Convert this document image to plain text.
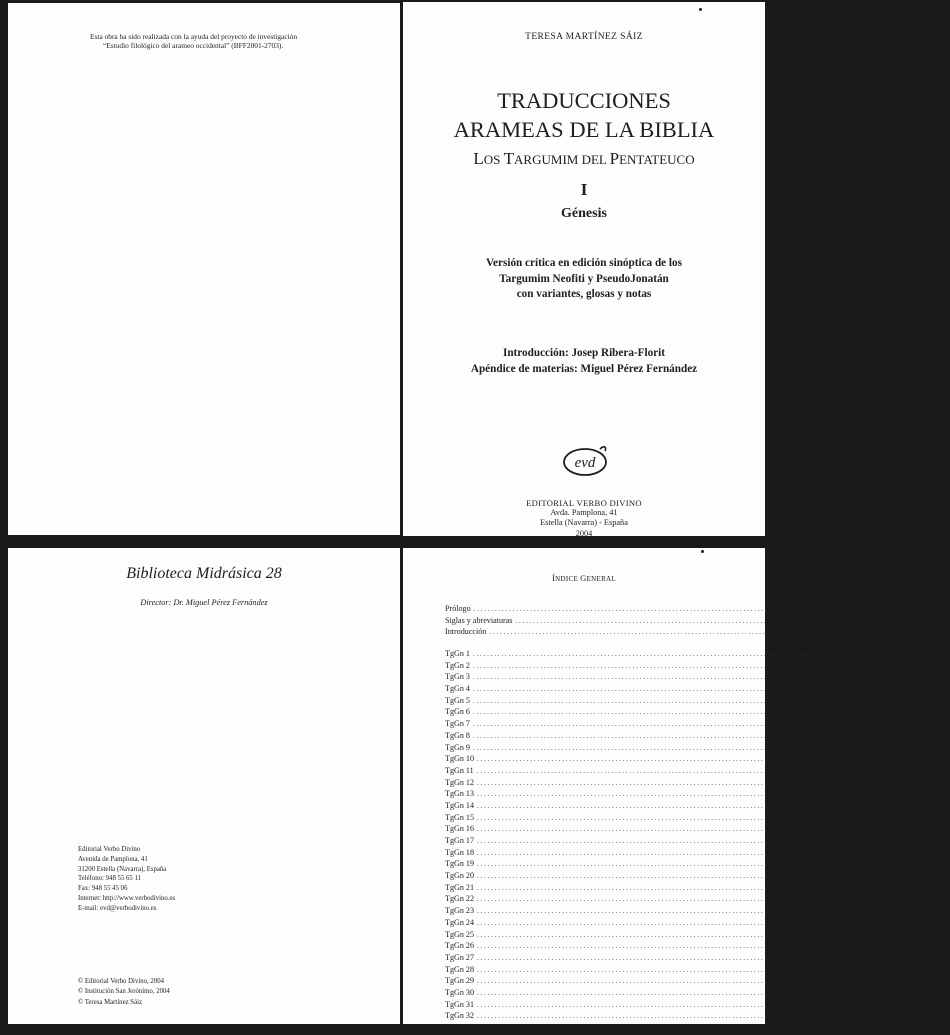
Esta obra ha sido realizada con la ayuda del proyecto de investigación
“Estudio filológico del arameo occidental” (BFF2001-2703).
TERESA MARTÍNEZ SÁIZ
TRADUCCIONES
ARAMEAS DE LA BIBLIA
LOS TARGUMIM DEL PENTATEUCO
I
Génesis
Versión crítica en edición sinóptica de los
Targumim Neofiti y PseudoJonatán
con variantes, glosas y notas
Introducción: Josep Ribera-Florit
Apéndice de materias: Miguel Pérez Fernández
evd
EDITORIAL VERBO DIVINO
Avda. Pamplona, 41
Estella (Navarra) - España
2004
Biblioteca Midrásica 28
Director: Dr. Miguel Pérez Fernández
Editorial Verbo Divino
Avenida de Pamplona, 41
31200 Estella (Navarra), España
Teléfono: 948 55 65 11
Fax: 948 55 45 06
Internet: http://www.verbodivino.es
E-mail: evd@verbodivino.es
© Editorial Verbo Divino, 2004
© Institución San Jerónimo, 2004
© Teresa Martínez Sáiz
ÍNDICE GENERAL
Prólogo ........................................................................................................................ ix
Siglas y abreviaturas ........................................................................................................................ xi
Introducción ........................................................................................................................ 1
TgGn 1 ........................................................................................................................ 43
TgGn 2 ........................................................................................................................ 49
TgGn 3 ........................................................................................................................ 54
TgGn 4 ........................................................................................................................ 62
TgGn 5 ........................................................................................................................ 69
TgGn 6 ........................................................................................................................ 73
TgGn 7 ........................................................................................................................ 78
TgGn 8 ........................................................................................................................ 82
TgGn 9 ........................................................................................................................ 85
TgGn 10 ........................................................................................................................ 89
TgGn 11 ........................................................................................................................ 93
TgGn 12 ........................................................................................................................ 98
TgGn 13 ........................................................................................................................ 101
TgGn 14 ........................................................................................................................ 104
TgGn 15 ........................................................................................................................ 109
TgGn 16 ........................................................................................................................ 116
TgGn 17 ........................................................................................................................ 120
TgGn 18 ........................................................................................................................ 124
TgGn 19 ........................................................................................................................ 131
TgGn 20 ........................................................................................................................ 137
TgGn 21 ........................................................................................................................ 140
TgGn 22 ........................................................................................................................ 146
TgGn 23 ........................................................................................................................ 153
TgGn 24 ........................................................................................................................ 156
TgGn 25 ........................................................................................................................ 165
TgGn 26 ........................................................................................................................ 171
TgGn 27 ........................................................................................................................ 176
TgGn 28 ........................................................................................................................ 183
TgGn 29 ........................................................................................................................ 189
TgGn 30 ........................................................................................................................ 195
TgGn 31 ........................................................................................................................ 202
TgGn 32 ........................................................................................................................ 210
TgGn 33 ........................................................................................................................ 216
